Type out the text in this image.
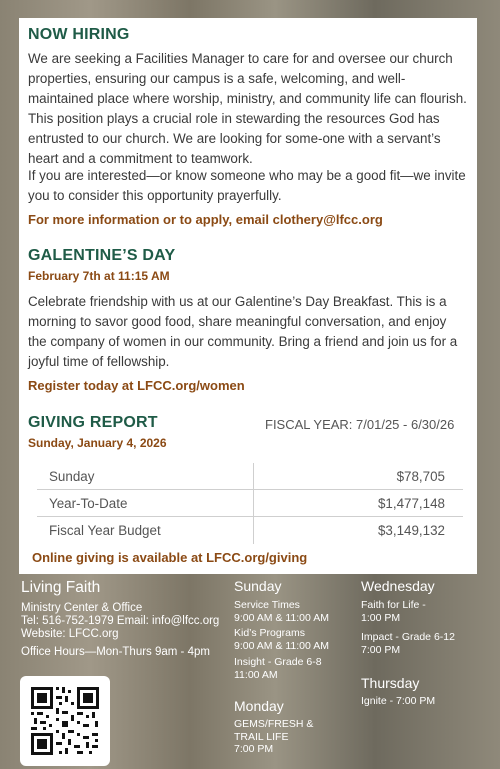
NOW HIRING

We are seeking a Facilities Manager to care for and oversee our church properties, ensuring our campus is a safe, welcoming, and well-maintained place where worship, ministry, and community life can flourish. This position plays a crucial role in stewarding the resources God has entrusted to our church. We are looking for some-one with a servant’s heart and a commitment to teamwork.

If you are interested—or know someone who may be a good fit—we invite you to consider this opportunity prayerfully.

For more information or to apply, email clothery@lfcc.org
GALENTINE’S DAY
February 7th at 11:15 AM

Celebrate friendship with us at our Galentine’s Day Breakfast. This is a morning to savor good food, share meaningful conversation, and enjoy the company of women in our community. Bring a friend and join us for a joyful time of fellowship.

Register today at LFCC.org/women
GIVING REPORT	FISCAL YEAR: 7/01/25 - 6/30/26
Sunday, January 4, 2026
Sunday	$78,705
Year-To-Date	$1,477,148
Fiscal Year Budget	$3,149,132
Online giving is available at LFCC.org/giving
Living Faith
Ministry Center & Office
Tel: 516-752-1979 Email: info@lfcc.org
Website: LFCC.org
Office Hours—Mon-Thurs 9am - 4pm
Sunday
Service Times
9:00 AM & 11:00 AM
Kid’s Programs
9:00 AM & 11:00 AM
Insight - Grade 6-8
11:00 AM
Monday
GEMS/FRESH &
TRAIL LIFE
7:00 PM
Wednesday
Faith for Life -
1:00 PM
Impact - Grade 6-12
7:00 PM
Thursday
Ignite - 7:00 PM
